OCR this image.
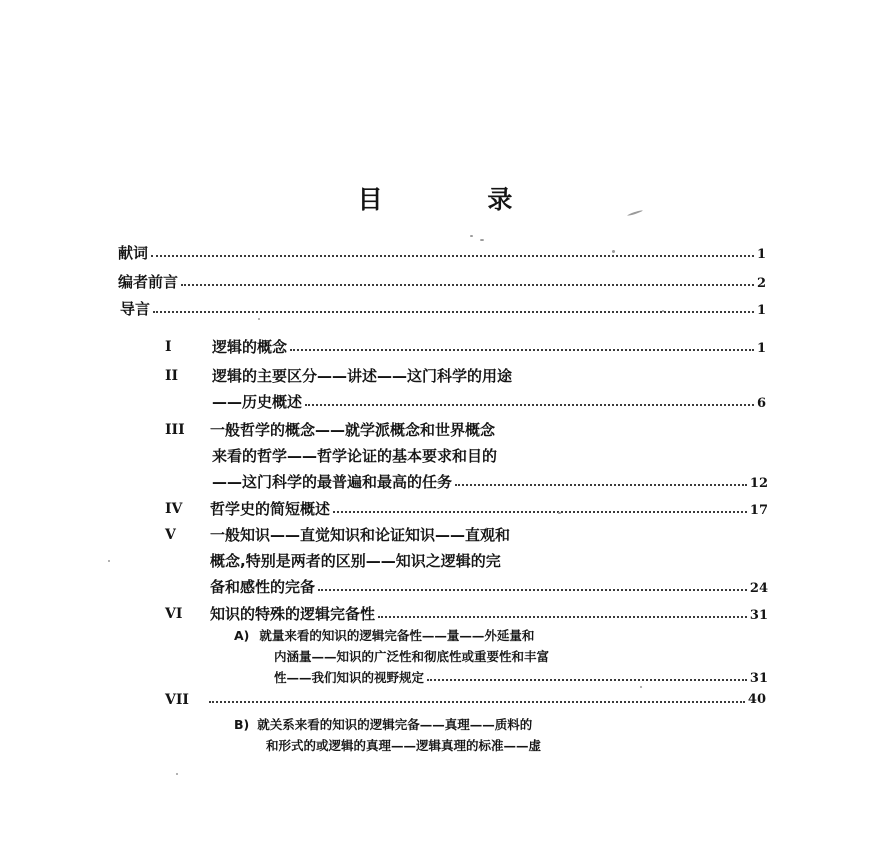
目 录
献词	1
编者前言	2
导言	1
I	逻辑的概念	1
II 逻辑的主要区分——讲述——这门科学的用途
——历史概述	6
III 一般哲学的概念——就学派概念和世界概念
来看的哲学——哲学论证的基本要求和目的
——这门科学的最普遍和最高的任务	12
IV 哲学史的简短概述	17
V 一般知识——直觉知识和论证知识——直观和
概念,特别是两者的区别——知识之逻辑的完
备和感性的完备	24
VI 知识的特殊的逻辑完备性	31
A) 就量来看的知识的逻辑完备性——量——外延量和
内涵量——知识的广泛性和彻底性或重要性和丰富
性——我们知识的视野规定	31
VII	40
B) 就关系来看的知识的逻辑完备——真理——质料的
和形式的或逻辑的真理——逻辑真理的标准——虚
